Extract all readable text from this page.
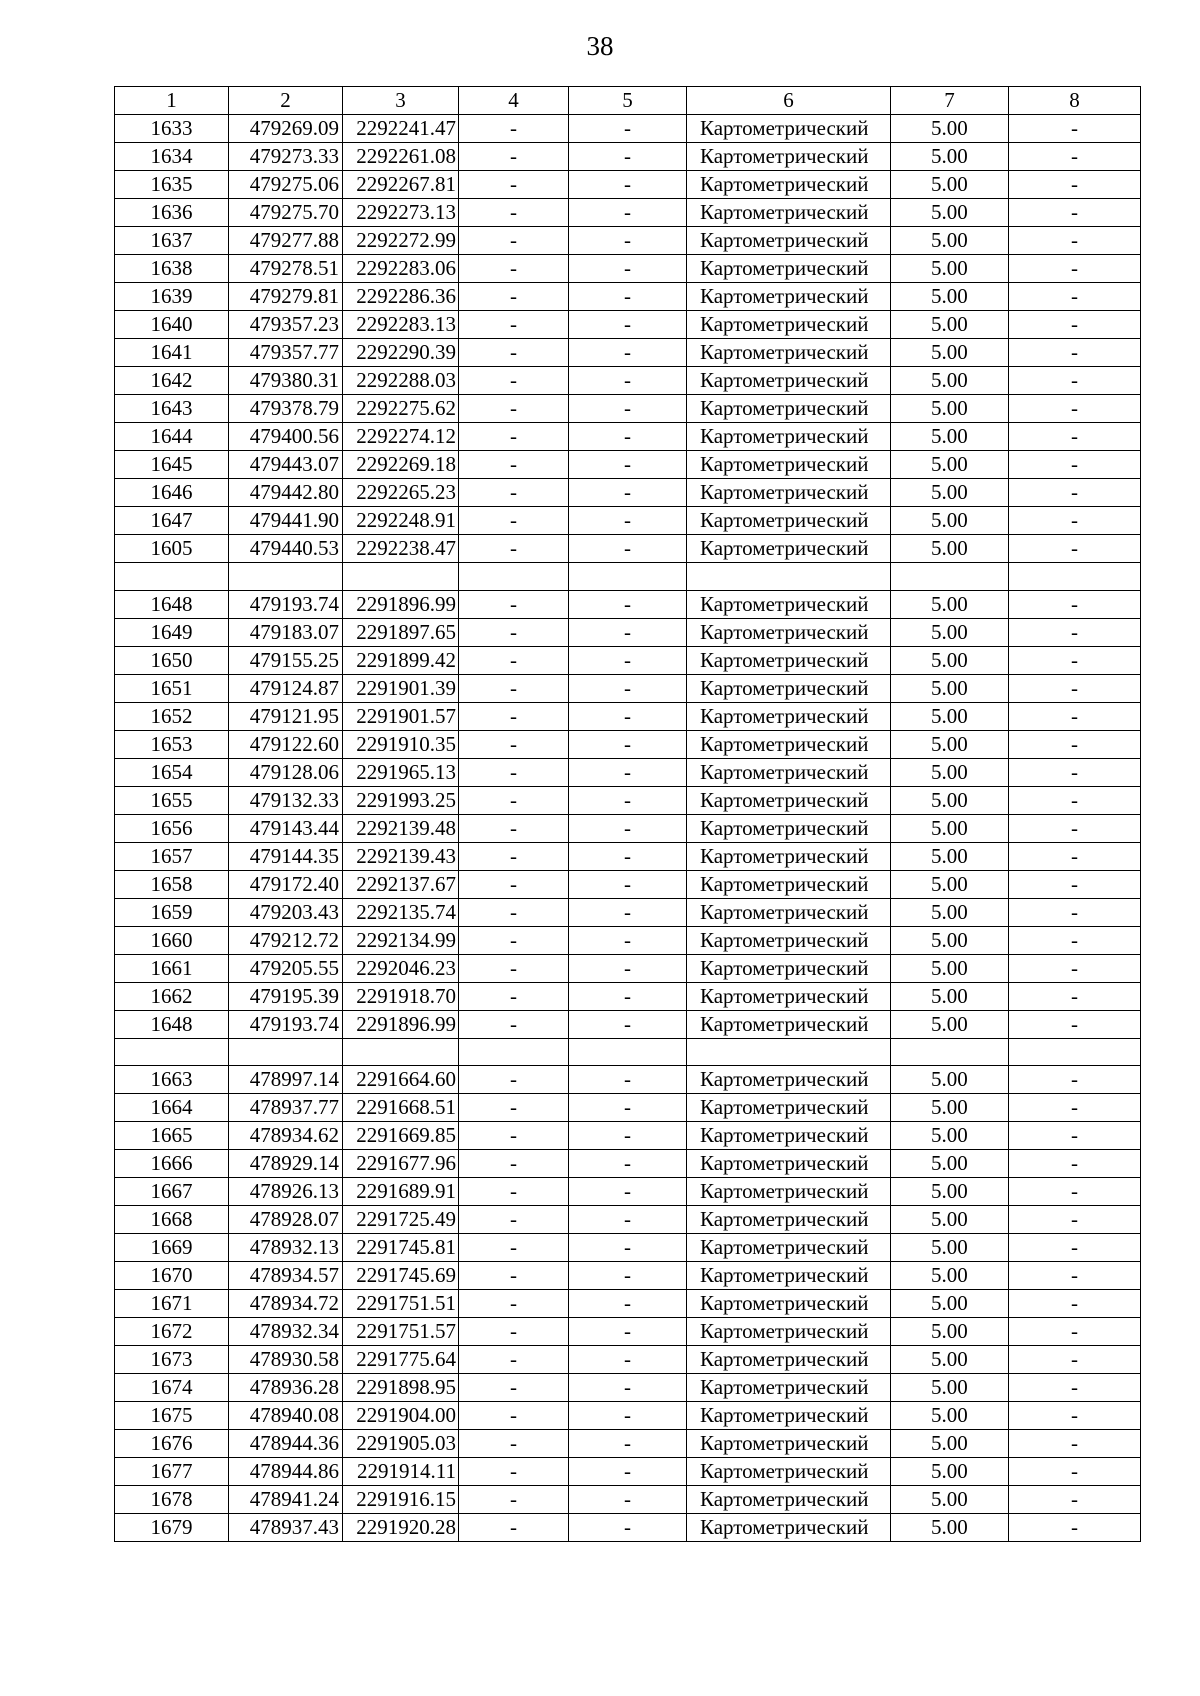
38
1	2	3	4	5	6	7	8
1633	479269.09	2292241.47	-	-	Картометрический	5.00	-
1634	479273.33	2292261.08	-	-	Картометрический	5.00	-
1635	479275.06	2292267.81	-	-	Картометрический	5.00	-
1636	479275.70	2292273.13	-	-	Картометрический	5.00	-
1637	479277.88	2292272.99	-	-	Картометрический	5.00	-
1638	479278.51	2292283.06	-	-	Картометрический	5.00	-
1639	479279.81	2292286.36	-	-	Картометрический	5.00	-
1640	479357.23	2292283.13	-	-	Картометрический	5.00	-
1641	479357.77	2292290.39	-	-	Картометрический	5.00	-
1642	479380.31	2292288.03	-	-	Картометрический	5.00	-
1643	479378.79	2292275.62	-	-	Картометрический	5.00	-
1644	479400.56	2292274.12	-	-	Картометрический	5.00	-
1645	479443.07	2292269.18	-	-	Картометрический	5.00	-
1646	479442.80	2292265.23	-	-	Картометрический	5.00	-
1647	479441.90	2292248.91	-	-	Картометрический	5.00	-
1605	479440.53	2292238.47	-	-	Картометрический	5.00	-

1648	479193.74	2291896.99	-	-	Картометрический	5.00	-
1649	479183.07	2291897.65	-	-	Картометрический	5.00	-
1650	479155.25	2291899.42	-	-	Картометрический	5.00	-
1651	479124.87	2291901.39	-	-	Картометрический	5.00	-
1652	479121.95	2291901.57	-	-	Картометрический	5.00	-
1653	479122.60	2291910.35	-	-	Картометрический	5.00	-
1654	479128.06	2291965.13	-	-	Картометрический	5.00	-
1655	479132.33	2291993.25	-	-	Картометрический	5.00	-
1656	479143.44	2292139.48	-	-	Картометрический	5.00	-
1657	479144.35	2292139.43	-	-	Картометрический	5.00	-
1658	479172.40	2292137.67	-	-	Картометрический	5.00	-
1659	479203.43	2292135.74	-	-	Картометрический	5.00	-
1660	479212.72	2292134.99	-	-	Картометрический	5.00	-
1661	479205.55	2292046.23	-	-	Картометрический	5.00	-
1662	479195.39	2291918.70	-	-	Картометрический	5.00	-
1648	479193.74	2291896.99	-	-	Картометрический	5.00	-

1663	478997.14	2291664.60	-	-	Картометрический	5.00	-
1664	478937.77	2291668.51	-	-	Картометрический	5.00	-
1665	478934.62	2291669.85	-	-	Картометрический	5.00	-
1666	478929.14	2291677.96	-	-	Картометрический	5.00	-
1667	478926.13	2291689.91	-	-	Картометрический	5.00	-
1668	478928.07	2291725.49	-	-	Картометрический	5.00	-
1669	478932.13	2291745.81	-	-	Картометрический	5.00	-
1670	478934.57	2291745.69	-	-	Картометрический	5.00	-
1671	478934.72	2291751.51	-	-	Картометрический	5.00	-
1672	478932.34	2291751.57	-	-	Картометрический	5.00	-
1673	478930.58	2291775.64	-	-	Картометрический	5.00	-
1674	478936.28	2291898.95	-	-	Картометрический	5.00	-
1675	478940.08	2291904.00	-	-	Картометрический	5.00	-
1676	478944.36	2291905.03	-	-	Картометрический	5.00	-
1677	478944.86	2291914.11	-	-	Картометрический	5.00	-
1678	478941.24	2291916.15	-	-	Картометрический	5.00	-
1679	478937.43	2291920.28	-	-	Картометрический	5.00	-
